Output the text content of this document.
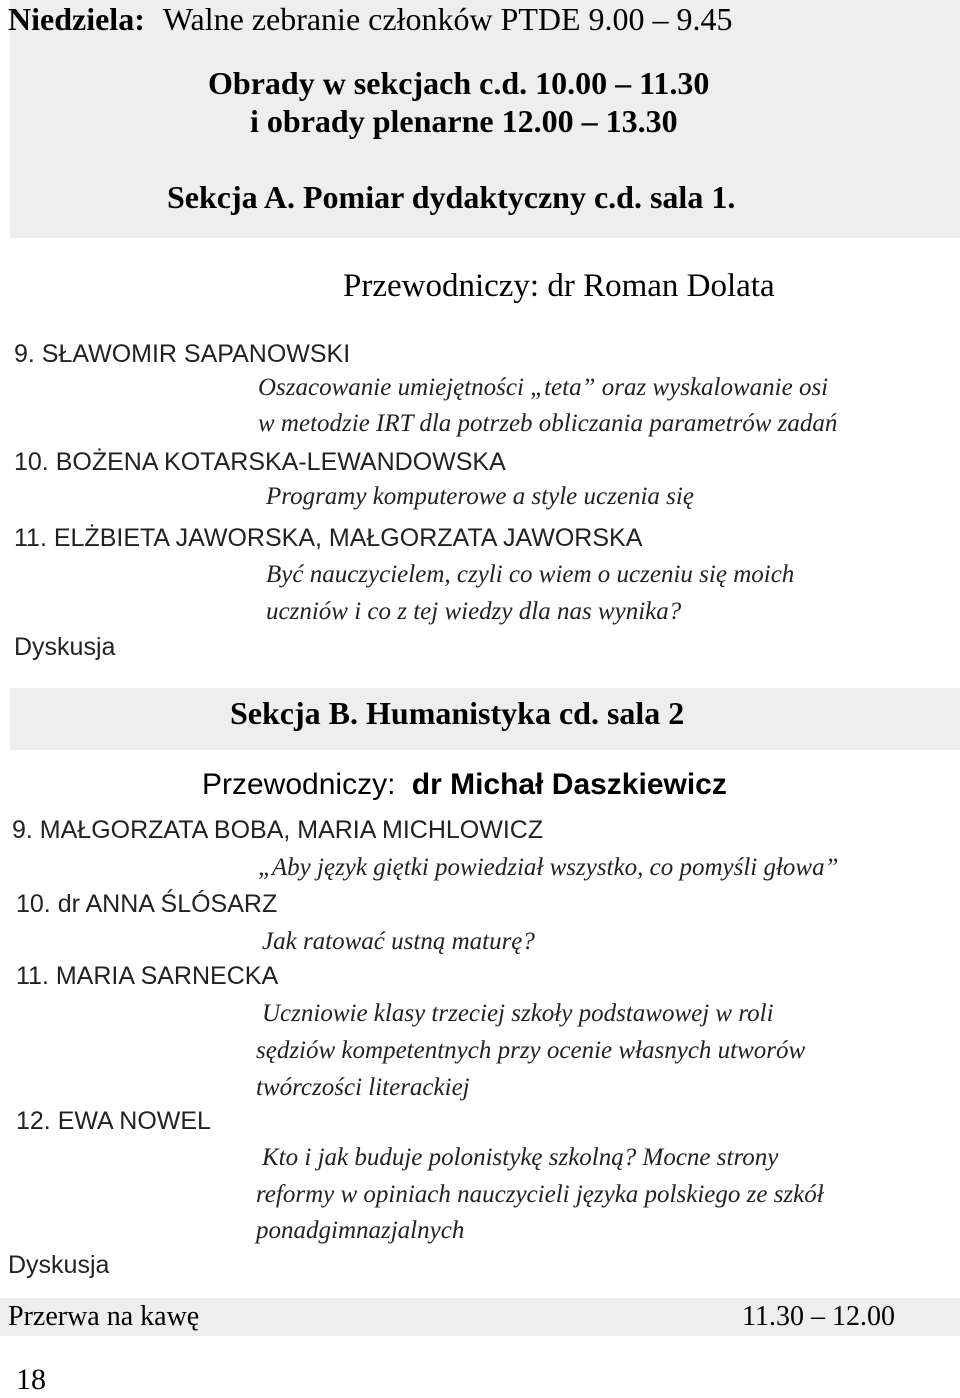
Niedziela: Walne zebranie członków PTDE 9.00 – 9.45
Obrady w sekcjach c.d. 10.00 – 11.30
i obrady plenarne 12.00 – 13.30
Sekcja A. Pomiar dydaktyczny c.d. sala 1.
Przewodniczy: dr Roman Dolata
9. SŁAWOMIR SAPANOWSKI
Oszacowanie umiejętności „teta” oraz wyskalowanie osi
w metodzie IRT dla potrzeb obliczania parametrów zadań
10. BOŻENA KOTARSKA-LEWANDOWSKA
Programy komputerowe a style uczenia się
11. ELŻBIETA JAWORSKA, MAŁGORZATA JAWORSKA
Być nauczycielem, czyli co wiem o uczeniu się moich
uczniów i co z tej wiedzy dla nas wynika?
Dyskusja
Sekcja B. Humanistyka cd. sala 2
Przewodniczy: dr Michał Daszkiewicz
9. MAŁGORZATA BOBA, MARIA MICHLOWICZ
„Aby język giętki powiedział wszystko, co pomyśli głowa”
10. dr ANNA ŚLÓSARZ
Jak ratować ustną maturę?
11. MARIA SARNECKA
Uczniowie klasy trzeciej szkoły podstawowej w roli
sędziów kompetentnych przy ocenie własnych utworów
twórczości literackiej
12. EWA NOWEL
Kto i jak buduje polonistykę szkolną? Mocne strony
reformy w opiniach nauczycieli języka polskiego ze szkół
ponadgimnazjalnych
Dyskusja
Przerwa na kawę	11.30 – 12.00
18
